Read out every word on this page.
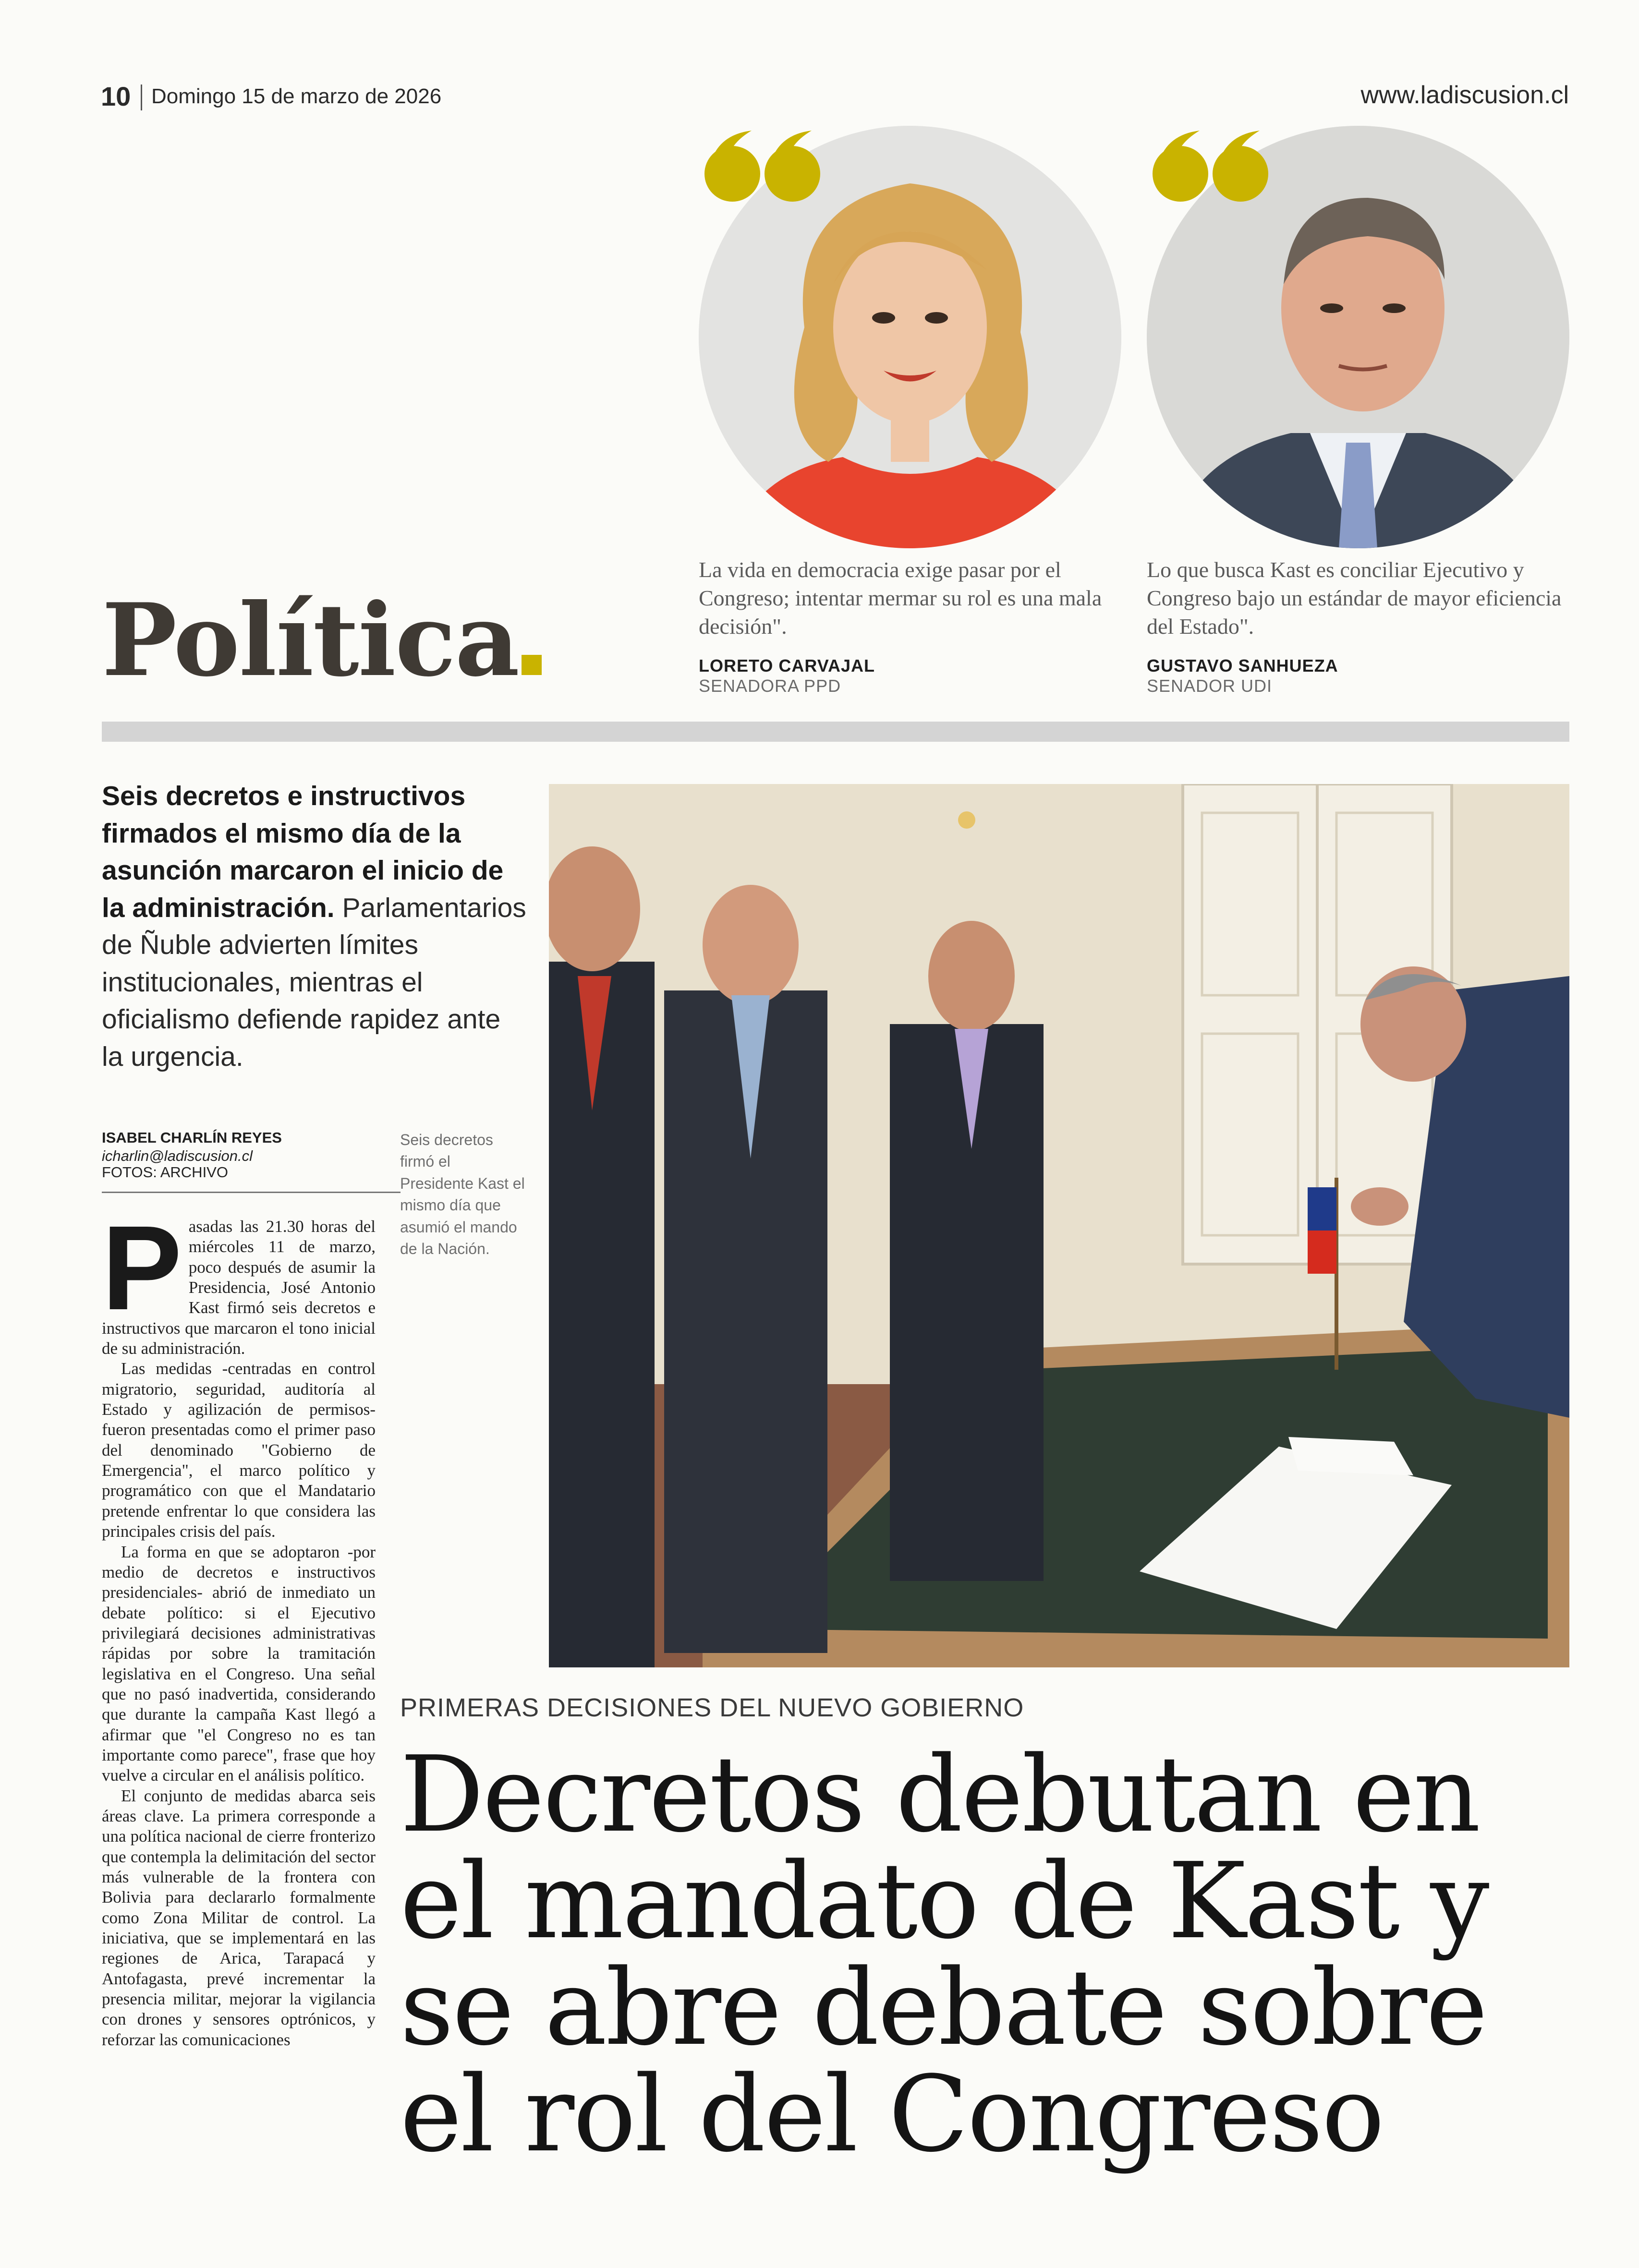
10 Domingo 15 de marzo de 2026	www.ladiscusion.cl
La vida en democracia exige pasar por el Congreso; intentar mermar su rol es una mala decisión".
LORETO CARVAJAL
SENADORA PPD
Lo que busca Kast es conciliar Ejecutivo y Congreso bajo un estándar de mayor eficiencia del Estado".
GUSTAVO SANHUEZA
SENADOR UDI
Política
Seis decretos e instructivos firmados el mismo día de la asunción marcaron el inicio de la administración. Parlamentarios de Ñuble advierten límites institucionales, mientras el oficialismo defiende rapidez ante la urgencia.
ISABEL CHARLÍN REYES
icharlin@ladiscusion.cl
FOTOS: ARCHIVO
Seis decretos firmó el Presidente Kast el mismo día que asumió el mando de la Nación.

Pasadas las 21.30 horas del miércoles 11 de marzo, poco después de asumir la Presidencia, José Antonio Kast firmó seis decretos e instructivos que marcaron el tono inicial de su administración.

Las medidas -centradas en control migratorio, seguridad, auditoría al Estado y agilización de permisos- fueron presentadas como el primer paso del denominado "Gobierno de Emergencia", el marco político y programático con que el Mandatario pretende enfrentar lo que considera las principales crisis del país.

La forma en que se adoptaron -por medio de decretos e instructivos presidenciales- abrió de inmediato un debate político: si el Ejecutivo privilegiará decisiones administrativas rápidas por sobre la tramitación legislativa en el Congreso. Una señal que no pasó inadvertida, considerando que durante la campaña Kast llegó a afirmar que "el Congreso no es tan importante como parece", frase que hoy vuelve a circular en el análisis político.

El conjunto de medidas abarca seis áreas clave. La primera corresponde a una política nacional de cierre fronterizo que contempla la delimitación del sector más vulnerable de la frontera con Bolivia para declararlo formalmente como Zona Militar de control. La iniciativa, que se implementará en las regiones de Arica, Tarapacá y Antofagasta, prevé incrementar la presencia militar, mejorar la vigilancia con drones y sensores optrónicos, y reforzar las comunicaciones

PRIMERAS DECISIONES DEL NUEVO GOBIERNO
Decretos debutan en
el mandato de Kast y
se abre debate sobre
el rol del Congreso
